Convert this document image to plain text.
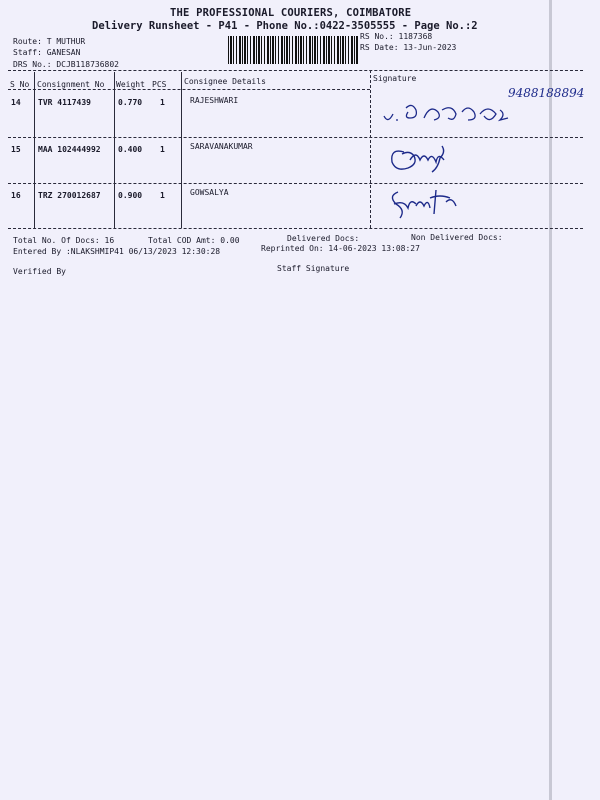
THE PROFESSIONAL COURIERS, COIMBATORE
Delivery Runsheet - P41 - Phone No.:0422-3505555 - Page No.:2
Route: T MUTHUR
Staff: GANESAN
DRS No.: DCJB118736802
RS No.: 1187368
RS Date: 13-Jun-2023
S No Consignment No Weight PCS Consignee Details	Signature
14 TVR 4117439	0.770 1	RAJESHWARI
9488188894
15 MAA 102444992 0.400 1	SARAVANAKUMAR
16 TRZ 270012687 0.900 1	GOWSALYA
Total No. Of Docs: 16	Total COD Amt: 0.00	Delivered Docs:	Non Delivered Docs:
Entered By :NLAKSHMIP41 06/13/2023 12:30:28	Reprinted On: 14-06-2023 13:08:27
Verified By	Staff Signature
